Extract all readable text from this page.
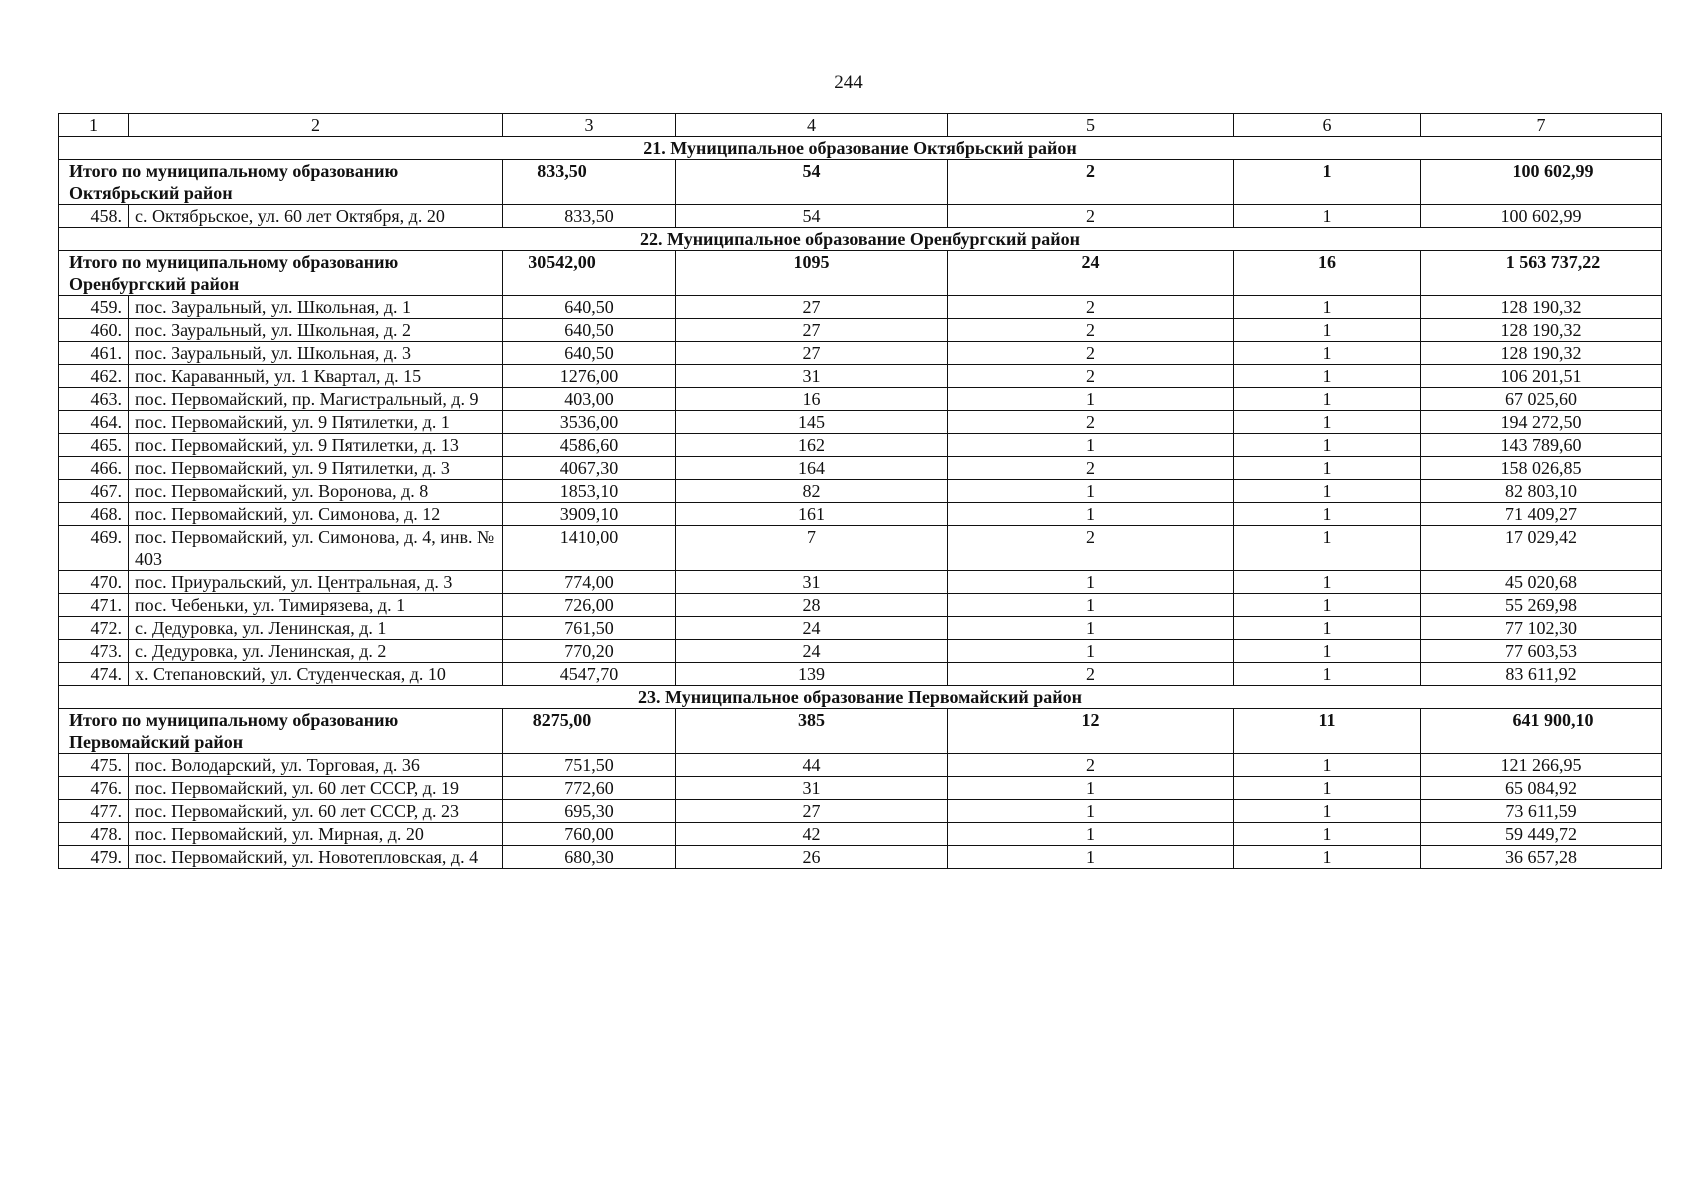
244
1	2	3	4	5	6	7
21. Муниципальное образование Октябрьский район						
Итого по муниципальному образованию Октябрьский район		833,50	54	2	1	100 602,99
458.	с. Октябрьское, ул. 60 лет Октября, д. 20	833,50	54	2	1	100 602,99
22. Муниципальное образование Оренбургский район						
Итого по муниципальному образованию Оренбургский район		30542,00	1095	24	16	1 563 737,22
459.	пос. Зауральный, ул. Школьная, д. 1	640,50	27	2	1	128 190,32
460.	пос. Зауральный, ул. Школьная, д. 2	640,50	27	2	1	128 190,32
461.	пос. Зауральный, ул. Школьная, д. 3	640,50	27	2	1	128 190,32
462.	пос. Караванный, ул. 1 Квартал, д. 15	1276,00	31	2	1	106 201,51
463.	пос. Первомайский, пр. Магистральный, д. 9	403,00	16	1	1	67 025,60
464.	пос. Первомайский, ул. 9 Пятилетки, д. 1	3536,00	145	2	1	194 272,50
465.	пос. Первомайский, ул. 9 Пятилетки, д. 13	4586,60	162	1	1	143 789,60
466.	пос. Первомайский, ул. 9 Пятилетки, д. 3	4067,30	164	2	1	158 026,85
467.	пос. Первомайский, ул. Воронова, д. 8	1853,10	82	1	1	82 803,10
468.	пос. Первомайский, ул. Симонова, д. 12	3909,10	161	1	1	71 409,27
469.	пос. Первомайский, ул. Симонова, д. 4, инв. № 403	1410,00	7	2	1	17 029,42
470.	пос. Приуральский, ул. Центральная, д. 3	774,00	31	1	1	45 020,68
471.	пос. Чебеньки, ул. Тимирязева, д. 1	726,00	28	1	1	55 269,98
472.	с. Дедуровка, ул. Ленинская, д. 1	761,50	24	1	1	77 102,30
473.	с. Дедуровка, ул. Ленинская, д. 2	770,20	24	1	1	77 603,53
474.	х. Степановский, ул. Студенческая, д. 10	4547,70	139	2	1	83 611,92
23. Муниципальное образование Первомайский район						
Итого по муниципальному образованию Первомайский район		8275,00	385	12	11	641 900,10
475.	пос. Володарский, ул. Торговая, д. 36	751,50	44	2	1	121 266,95
476.	пос. Первомайский, ул. 60 лет СССР, д. 19	772,60	31	1	1	65 084,92
477.	пос. Первомайский, ул. 60 лет СССР, д. 23	695,30	27	1	1	73 611,59
478.	пос. Первомайский, ул. Мирная, д. 20	760,00	42	1	1	59 449,72
479.	пос. Первомайский, ул. Новотепловская, д. 4	680,30	26	1	1	36 657,28
